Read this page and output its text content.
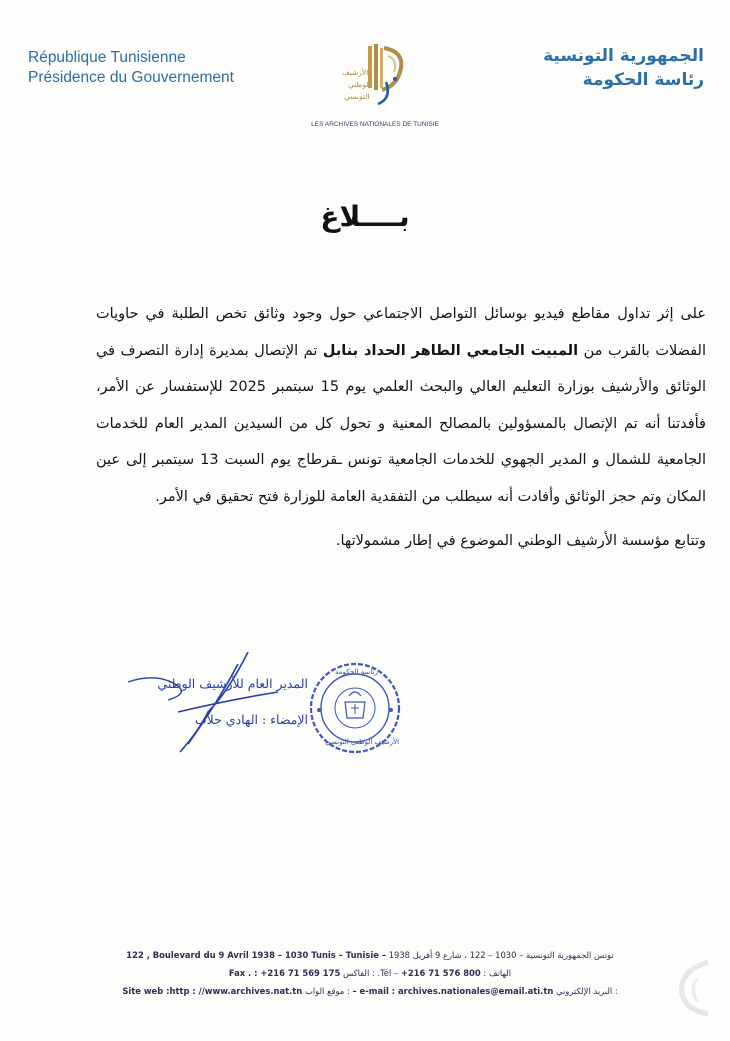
République Tunisienne
Présidence du Gouvernement
الجمهورية التونسية
رئاسة الحكومة
الأرشيف
الوطني
التونسي
LES ARCHIVES NATIONALES DE TUNISIE
بــــلاغ

على إثر تداول مقاطع فيديو بوسائل التواصل الاجتماعي حول وجود وثائق تخص الطلبة في حاويات الفضلات بالقرب من المبيت الجامعي الطاهر الحداد بنابل تم الإتصال بمديرة إدارة التصرف في الوثائق والأرشيف بوزارة التعليم العالي والبحث العلمي يوم 15 سبتمبر 2025 للإستفسار عن الأمر، فأفدتنا أنه تم الإتصال بالمسؤولين بالمصالح المعنية و تحول كل من السيدين المدير العام للخدمات الجامعية للشمال و المدير الجهوي للخدمات الجامعية تونس ـقرطاج يوم السبت 13 سبتمبر إلى عين المكان وتم حجز الوثائق وأفادت أنه سيطلب من التفقدية العامة للوزارة فتح تحقيق في الأمر.

وتتابع مؤسسة الأرشيف الوطني الموضوع في إطار مشمولاتها.

رئاسة الحكومة
الأرشيف الوطني التونسي
المدير العام للأرشيف الوطني
الإمضاء : الهادي جلاب
122 , Boulevard du 9 Avril 1938 – 1030 Tunis – Tunisie – تونس الجمهورية التونسية – 1030 – 122 ، شارع 9 أفريل 1938
Fax . : +216 71 569 175 – Tél. : الفاكس +216 71 576 800 الهاتف :
Site web :http : //www.archives.nat.tn : موقع الواب – e-mail : archives.nationales@email.ati.tn : البريد الإلكتروني
